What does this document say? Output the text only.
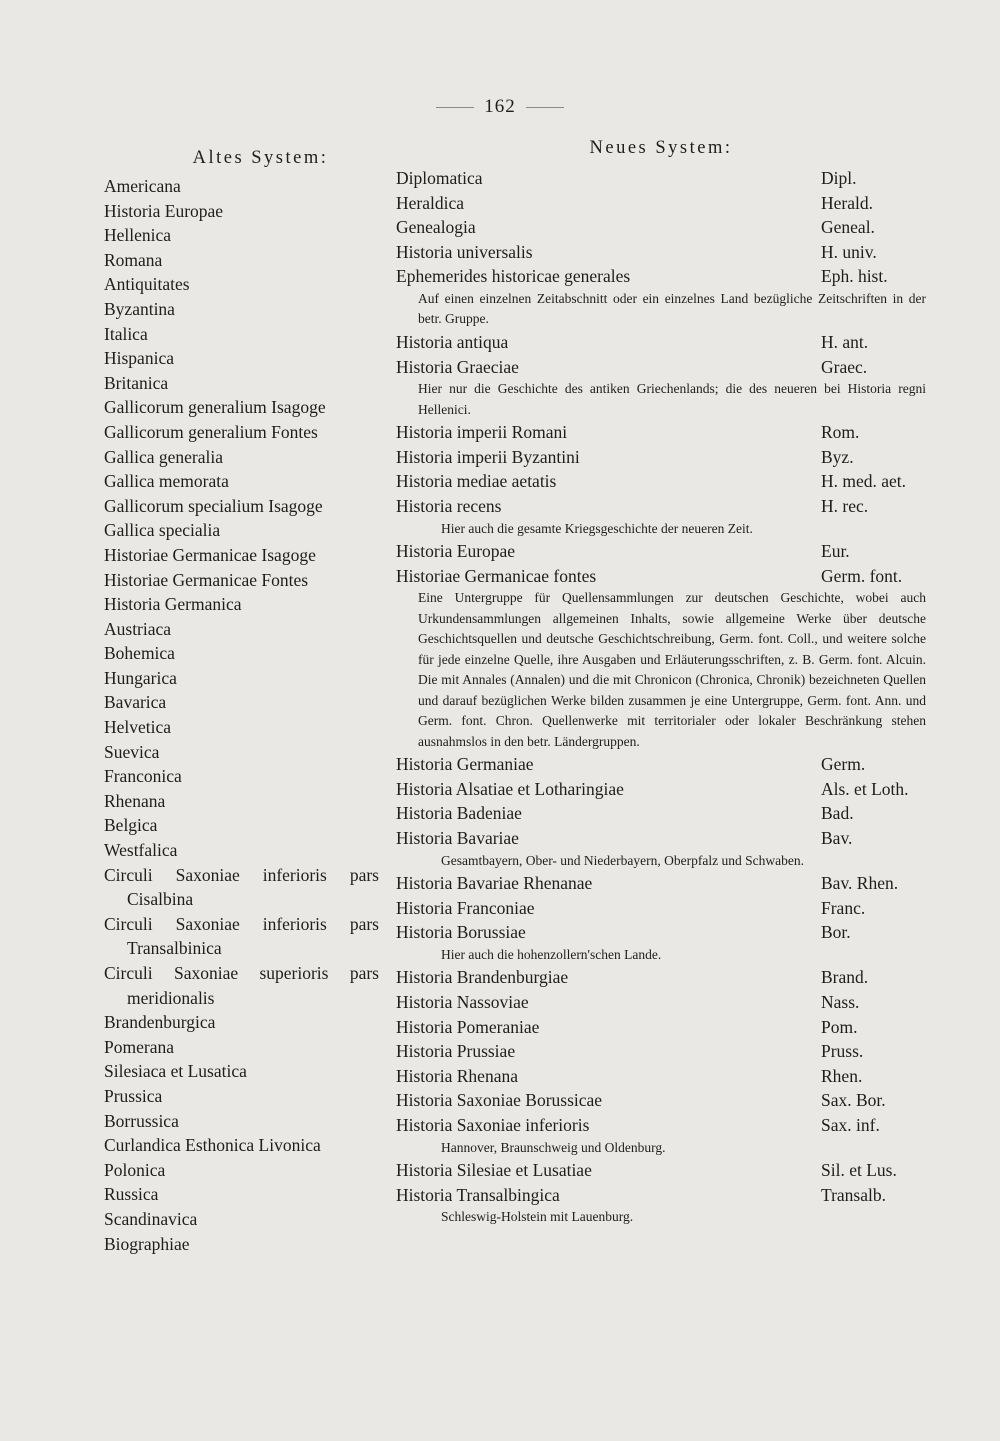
162
Altes System:
Americana
Historia Europae
Hellenica
Romana
Antiquitates
Byzantina
Italica
Hispanica
Britanica
Gallicorum generalium Isagoge
Gallicorum generalium Fontes
Gallica generalia
Gallica memorata
Gallicorum specialium Isagoge
Gallica specialia
Historiae Germanicae Isagoge
Historiae Germanicae Fontes
Historia Germanica
Austriaca
Bohemica
Hungarica
Bavarica
Helvetica
Suevica
Franconica
Rhenana
Belgica
Westfalica
Circuli Saxoniae inferioris pars
Cisalbina
Circuli Saxoniae inferioris pars
Transalbinica
Circuli Saxoniae superioris pars
meridionalis
Brandenburgica
Pomerana
Silesiaca et Lusatica
Prussica
Borrussica
Curlandica Esthonica Livonica
Polonica
Russica
Scandinavica
Biographiae
Neues System:
Diplomatica	Dipl.
Heraldica	Herald.
Genealogia	Geneal.
Historia universalis	H. univ.
Ephemerides historicae generales	Eph. hist.
Auf einen einzelnen Zeitabschnitt oder ein einzelnes Land bezügliche Zeitschriften in der betr. Gruppe.
Historia antiqua	H. ant.
Historia Graeciae	Graec.
Hier nur die Geschichte des antiken Griechenlands; die des neueren bei Historia regni Hellenici.
Historia imperii Romani	Rom.
Historia imperii Byzantini	Byz.
Historia mediae aetatis	H. med. aet.
Historia recens	H. rec.
Hier auch die gesamte Kriegsgeschichte der neueren Zeit.
Historia Europae	Eur.
Historiae Germanicae fontes	Germ. font.
Eine Untergruppe für Quellensammlungen zur deutschen Geschichte, wobei auch Urkundensammlungen allgemeinen Inhalts, sowie allgemeine Werke über deutsche Geschichtsquellen und deutsche Geschichtschreibung, Germ. font. Coll., und weitere solche für jede einzelne Quelle, ihre Ausgaben und Erläuterungsschriften, z. B. Germ. font. Alcuin. Die mit Annales (Annalen) und die mit Chronicon (Chronica, Chronik) bezeichneten Quellen und darauf bezüglichen Werke bilden zusammen je eine Untergruppe, Germ. font. Ann. und Germ. font. Chron. Quellenwerke mit territorialer oder lokaler Beschränkung stehen ausnahmslos in den betr. Ländergruppen.
Historia Germaniae	Germ.
Historia Alsatiae et Lotharingiae	Als. et Loth.
Historia Badeniae	Bad.
Historia Bavariae	Bav.
Gesamtbayern, Ober- und Niederbayern, Oberpfalz und Schwaben.
Historia Bavariae Rhenanae	Bav. Rhen.
Historia Franconiae	Franc.
Historia Borussiae	Bor.
Hier auch die hohenzollern'schen Lande.
Historia Brandenburgiae	Brand.
Historia Nassoviae	Nass.
Historia Pomeraniae	Pom.
Historia Prussiae	Pruss.
Historia Rhenana	Rhen.
Historia Saxoniae Borussicae	Sax. Bor.
Historia Saxoniae inferioris	Sax. inf.
Hannover, Braunschweig und Oldenburg.
Historia Silesiae et Lusatiae	Sil. et Lus.
Historia Transalbingica	Transalb.
Schleswig-Holstein mit Lauenburg.
